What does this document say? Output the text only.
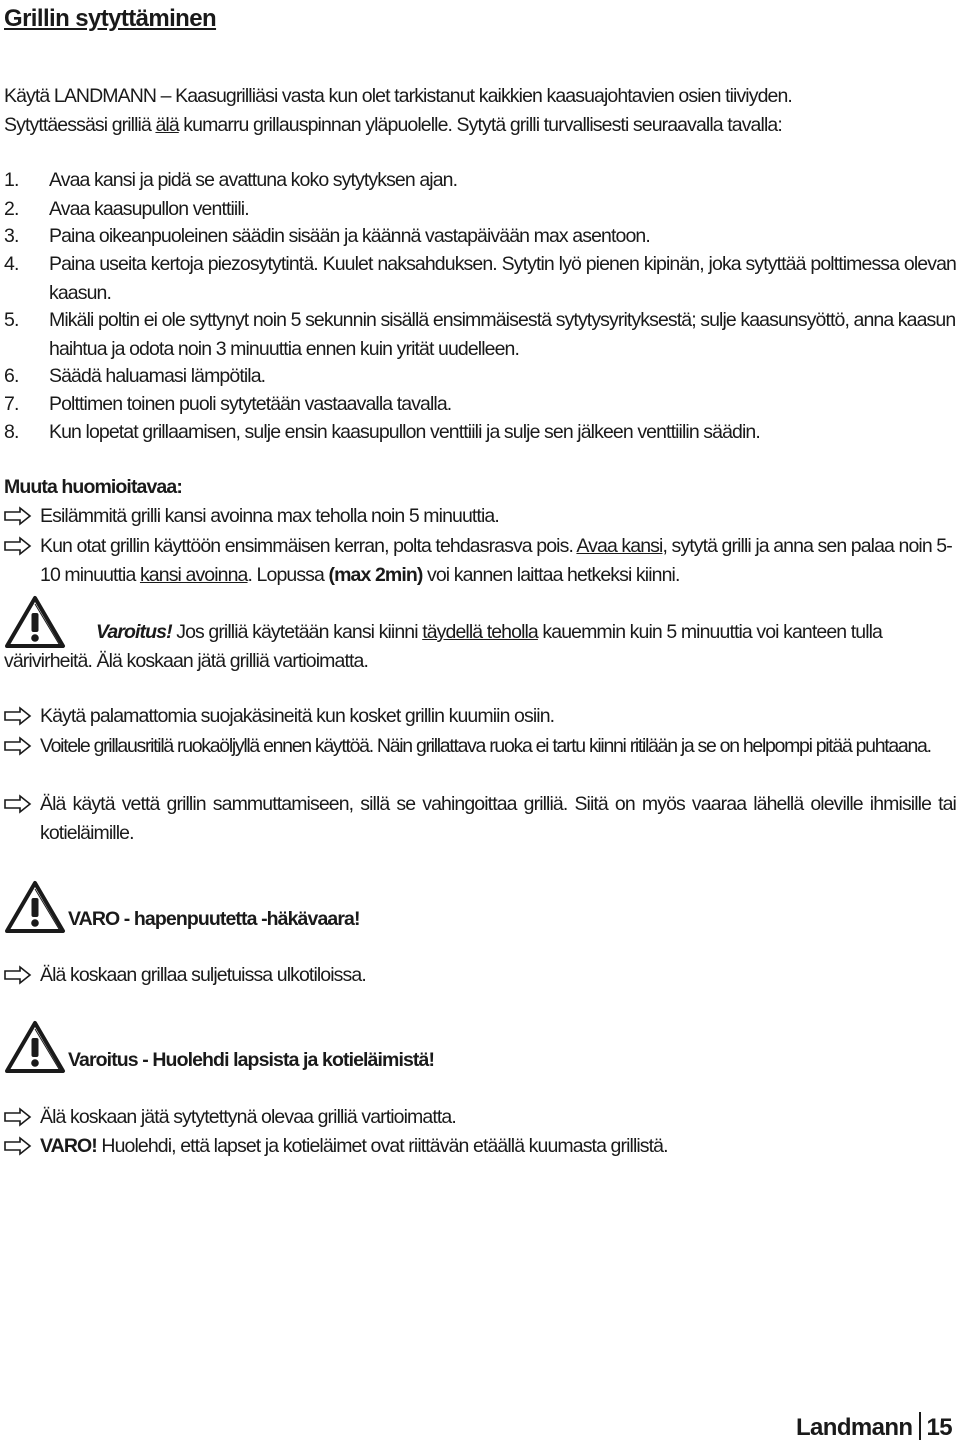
Grillin sytyttäminen
Käytä LANDMANN – Kaasugrilliäsi vasta kun olet tarkistanut kaikkien kaasuajohtavien osien tiiviyden.
Sytyttäessäsi grilliä älä kumarru grillauspinnan yläpuolelle. Sytytä grilli turvallisesti seuraavalla tavalla:
1. Avaa kansi ja pidä se avattuna koko sytytyksen ajan.
2. Avaa kaasupullon venttiili.
3. Paina oikeanpuoleinen säädin sisään ja käännä vastapäivään max asentoon.
4. Paina useita kertoja piezosytytintä. Kuulet naksahduksen. Sytytin lyö pienen kipinän, joka sytyttää polttimessa olevan kaasun.
5. Mikäli poltin ei ole syttynyt noin 5 sekunnin sisällä ensimmäisestä sytytysyrityksestä; sulje kaasunsyöttö, anna kaasun haihtua ja odota noin 3 minuuttia ennen kuin yrität uudelleen.
6. Säädä haluamasi lämpötila.
7. Polttimen toinen puoli sytytetään vastaavalla tavalla.
8. Kun lopetat grillaamisen, sulje ensin kaasupullon venttiili ja sulje sen jälkeen venttiilin säädin.
Muuta huomioitavaa:
Esilämmitä grilli kansi avoinna max teholla noin 5 minuuttia.
Kun otat grillin käyttöön ensimmäisen kerran, polta tehdasrasva pois. Avaa kansi, sytytä grilli ja anna sen palaa noin 5-10 minuuttia kansi avoinna. Lopussa (max 2min) voi kannen laittaa hetkeksi kiinni.
Varoitus! Jos grilliä käytetään kansi kiinni täydellä teholla kauemmin kuin 5 minuuttia voi kanteen tulla värivirheitä. Älä koskaan jätä grilliä vartioimatta.
Käytä palamattomia suojakäsineitä kun kosket grillin kuumiin osiin.
Voitele grillausritilä ruokaöljyllä ennen käyttöä. Näin grillattava ruoka ei tartu kiinni ritilään ja se on helpompi pitää puhtaana.
Älä käytä vettä grillin sammuttamiseen, sillä se vahingoittaa grilliä. Siitä on myös vaaraa lähellä oleville ihmisille tai kotieläimille.
VARO - hapenpuutetta -häkävaara!
Älä koskaan grillaa suljetuissa ulkotiloissa.
Varoitus - Huolehdi lapsista ja kotieläimistä!
Älä koskaan jätä sytytettynä olevaa grilliä vartioimatta.
VARO! Huolehdi, että lapset ja kotieläimet ovat riittävän etäällä kuumasta grillistä.
Landmann 15
